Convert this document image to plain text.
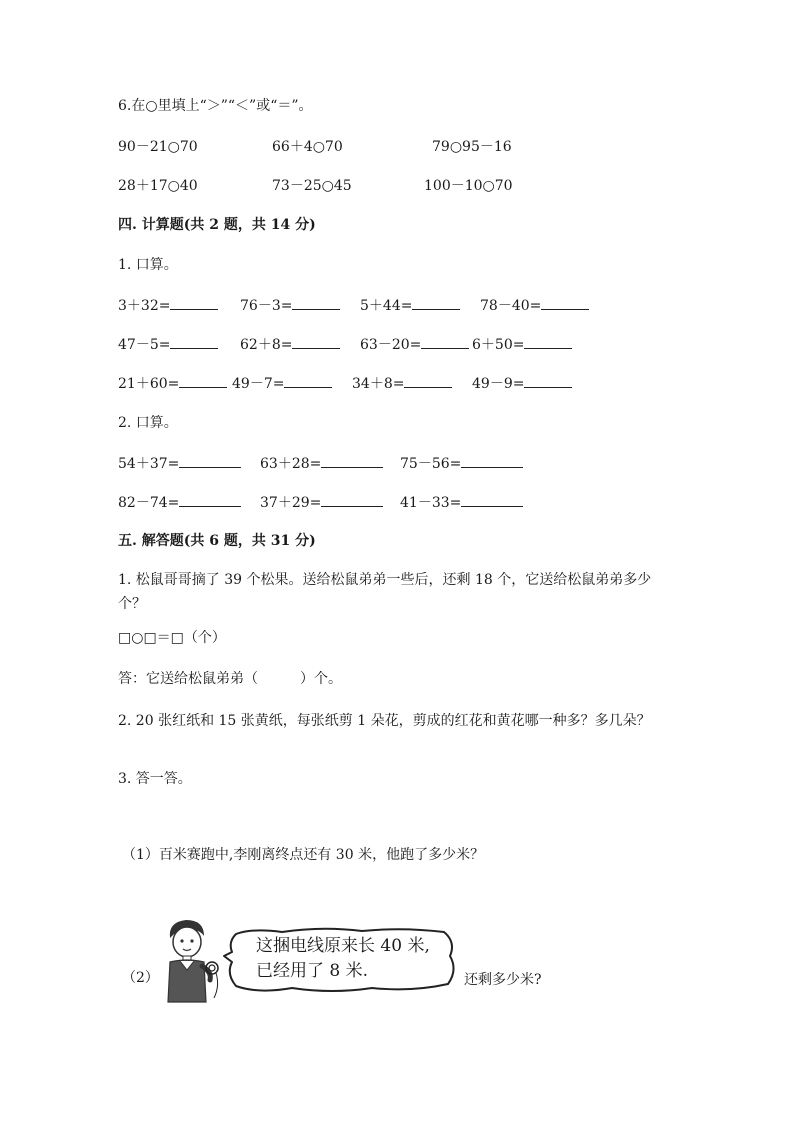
6.在○里填上“＞”“＜”或“＝”。
90－21○70	66＋4○70	79○95－16
28＋17○40	73－25○45	100－10○70
四. 计算题(共 2 题，共 14 分)
1. 口算。
3＋32=	76－3=	5＋44=	78－40=
47－5=	62＋8=	63－20=	6＋50=
21＋60=	49－7=	34＋8=	49－9=
2. 口算。
54＋37=	63＋28=	75－56=
82－74=	37＋29=	41－33=
五. 解答题(共 6 题，共 31 分)
1. 松鼠哥哥摘了 39 个松果。送给松鼠弟弟一些后，还剩 18 个，它送给松鼠弟弟多少个？
□○□＝□（个）
答：它送给松鼠弟弟（　　　）个。
2. 20 张红纸和 15 张黄纸，每张纸剪 1 朵花，剪成的红花和黄花哪一种多？多几朵？
3. 答一答。
（1）百米赛跑中,李刚离终点还有 30 米，他跑了多少米？
（2）
这捆电线原来长 40 米,
已经用了 8 米.	还剩多少米?
